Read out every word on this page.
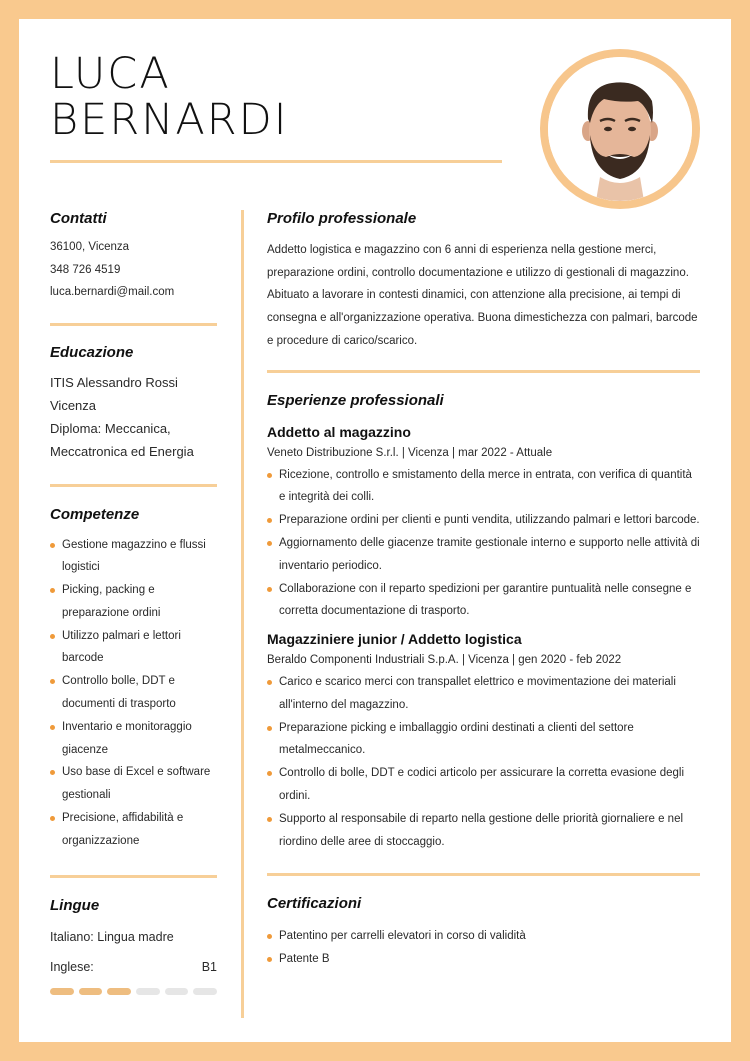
LUCA
BERNARDI
Contatti
36100, Vicenza
348 726 4519
luca.bernardi@mail.com
Educazione
ITIS Alessandro Rossi
Vicenza
Diploma: Meccanica,
Meccatronica ed Energia
Competenze
Gestione magazzino e flussi logistici
Picking, packing e preparazione ordini
Utilizzo palmari e lettori barcode
Controllo bolle, DDT e documenti di trasporto
Inventario e monitoraggio giacenze
Uso base di Excel e software gestionali
Precisione, affidabilità e organizzazione
Lingue
Italiano: Lingua madre
Inglese:	B1
Profilo professionale

Addetto logistica e magazzino con 6 anni di esperienza nella gestione merci, preparazione ordini, controllo documentazione e utilizzo di gestionali di magazzino. Abituato a lavorare in contesti dinamici, con attenzione alla precisione, ai tempi di consegna e all'organizzazione operativa. Buona dimestichezza con palmari, barcode e procedure di carico/scarico.

Esperienze professionali
Addetto al magazzino
Veneto Distribuzione S.r.l. | Vicenza | mar 2022 - Attuale
Ricezione, controllo e smistamento della merce in entrata, con verifica di quantità e integrità dei colli.
Preparazione ordini per clienti e punti vendita, utilizzando palmari e lettori barcode.
Aggiornamento delle giacenze tramite gestionale interno e supporto nelle attività di inventario periodico.
Collaborazione con il reparto spedizioni per garantire puntualità nelle consegne e corretta documentazione di trasporto.
Magazziniere junior / Addetto logistica
Beraldo Componenti Industriali S.p.A. | Vicenza | gen 2020 - feb 2022
Carico e scarico merci con transpallet elettrico e movimentazione dei materiali all'interno del magazzino.
Preparazione picking e imballaggio ordini destinati a clienti del settore metalmeccanico.
Controllo di bolle, DDT e codici articolo per assicurare la corretta evasione degli ordini.
Supporto al responsabile di reparto nella gestione delle priorità giornaliere e nel riordino delle aree di stoccaggio.
Certificazioni
Patentino per carrelli elevatori in corso di validità
Patente B
